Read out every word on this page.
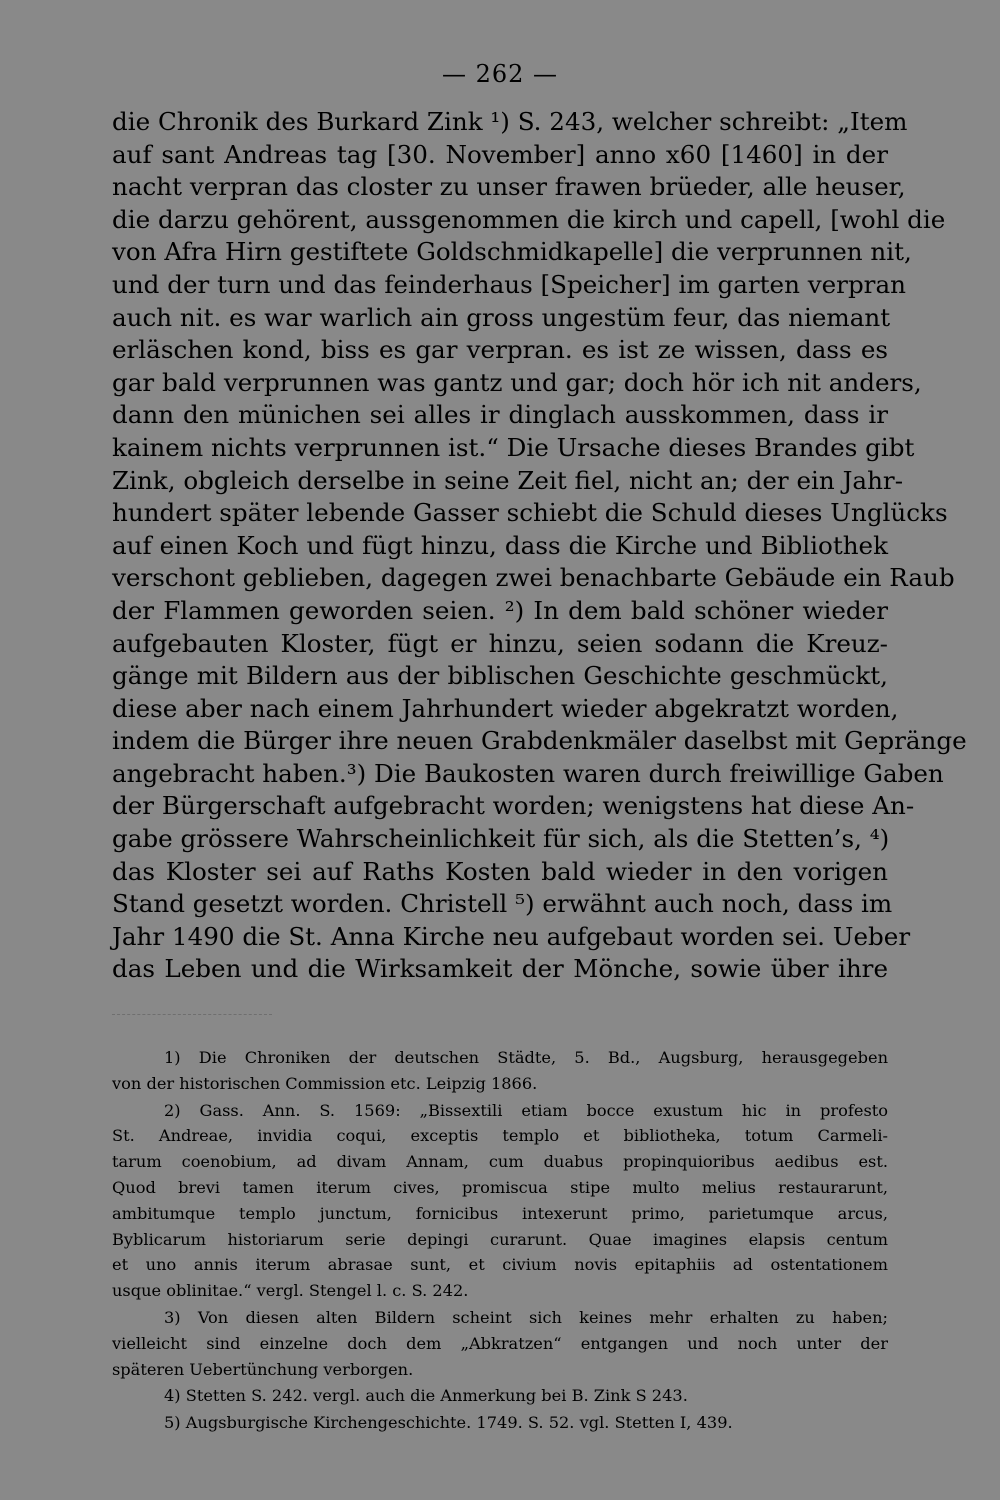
— 262 —
die Chronik des Burkard Zink ¹) S. 243, welcher schreibt: „Item
auf sant Andreas tag [30. November] anno x60 [1460] in der
nacht verpran das closter zu unser frawen brüeder, alle heuser,
die darzu gehörent, aussgenommen die kirch und capell, [wohl die
von Afra Hirn gestiftete Goldschmidkapelle] die verprunnen nit,
und der turn und das feinderhaus [Speicher] im garten verpran
auch nit. es war warlich ain gross ungestüm feur, das niemant
erläschen kond, biss es gar verpran. es ist ze wissen, dass es
gar bald verprunnen was gantz und gar; doch hör ich nit anders,
dann den münichen sei alles ir dinglach ausskommen, dass ir
kainem nichts verprunnen ist.“ Die Ursache dieses Brandes gibt
Zink, obgleich derselbe in seine Zeit fiel, nicht an; der ein Jahr-
hundert später lebende Gasser schiebt die Schuld dieses Unglücks
auf einen Koch und fügt hinzu, dass die Kirche und Bibliothek
verschont geblieben, dagegen zwei benachbarte Gebäude ein Raub
der Flammen geworden seien. ²) In dem bald schöner wieder
aufgebauten Kloster, fügt er hinzu, seien sodann die Kreuz-
gänge mit Bildern aus der biblischen Geschichte geschmückt,
diese aber nach einem Jahrhundert wieder abgekratzt worden,
indem die Bürger ihre neuen Grabdenkmäler daselbst mit Gepränge
angebracht haben.³) Die Baukosten waren durch freiwillige Gaben
der Bürgerschaft aufgebracht worden; wenigstens hat diese An-
gabe grössere Wahrscheinlichkeit für sich, als die Stetten’s, ⁴)
das Kloster sei auf Raths Kosten bald wieder in den vorigen
Stand gesetzt worden. Christell ⁵) erwähnt auch noch, dass im
Jahr 1490 die St. Anna Kirche neu aufgebaut worden sei. Ueber
das Leben und die Wirksamkeit der Mönche, sowie über ihre
1) Die Chroniken der deutschen Städte, 5. Bd., Augsburg, herausgegeben
von der historischen Commission etc. Leipzig 1866.
2) Gass. Ann. S. 1569: „Bissextili etiam bocce exustum hic in profesto
St. Andreae, invidia coqui, exceptis templo et bibliotheka, totum Carmeli-
tarum coenobium, ad divam Annam, cum duabus propinquioribus aedibus est.
Quod brevi tamen iterum cives, promiscua stipe multo melius restaurarunt,
ambitumque templo junctum, fornicibus intexerunt primo, parietumque arcus,
Byblicarum historiarum serie depingi curarunt. Quae imagines elapsis centum
et uno annis iterum abrasae sunt, et civium novis epitaphiis ad ostentationem
usque oblinitae.“ vergl. Stengel l. c. S. 242.
3) Von diesen alten Bildern scheint sich keines mehr erhalten zu haben;
vielleicht sind einzelne doch dem „Abkratzen“ entgangen und noch unter der
späteren Uebertünchung verborgen.
4) Stetten S. 242. vergl. auch die Anmerkung bei B. Zink S 243.
5) Augsburgische Kirchengeschichte. 1749. S. 52. vgl. Stetten I, 439.
